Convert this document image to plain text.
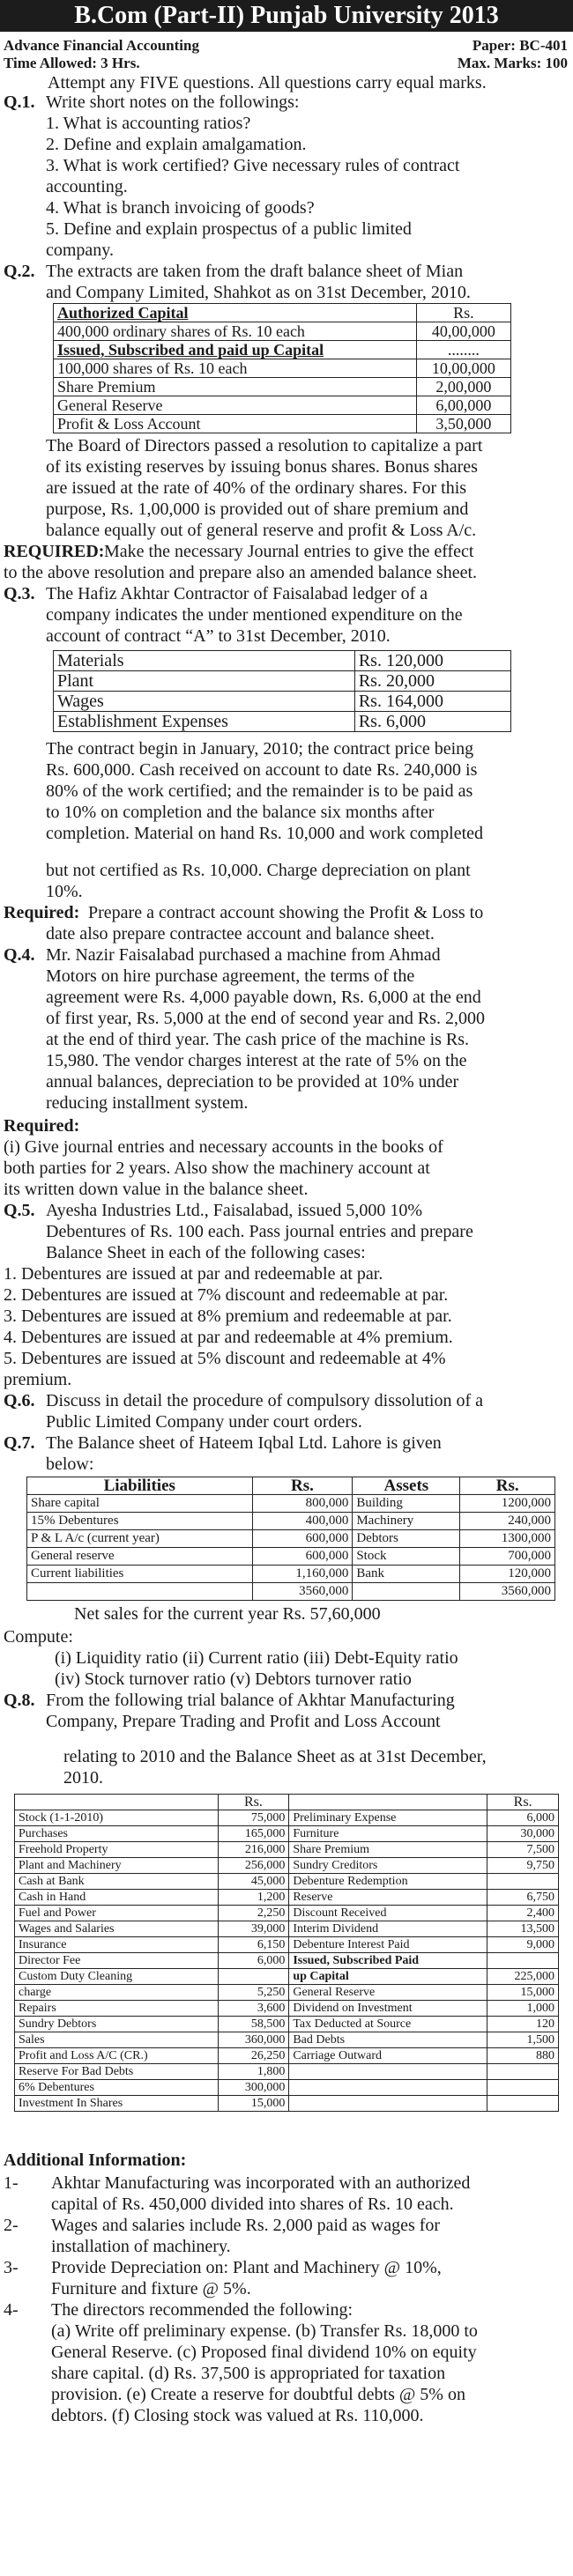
B.Com (Part-II) Punjab University 2013
Advance Financial Accounting	Paper: BC-401
Time Allowed: 3 Hrs.	Max. Marks: 100
Attempt any FIVE questions. All questions carry equal marks.
Q.1. Write short notes on the followings:
1. What is accounting ratios?
2. Define and explain amalgamation.
3. What is work certified? Give necessary rules of contract
accounting.
4. What is branch invoicing of goods?
5. Define and explain prospectus of a public limited
company.
Q.2. The extracts are taken from the draft balance sheet of Mian
and Company Limited, Shahkot as on 31st December, 2010.
Authorized Capital	Rs.
400,000 ordinary shares of Rs. 10 each	40,00,000
Issued, Subscribed and paid up Capital	........
100,000 shares of Rs. 10 each	10,00,000
Share Premium	2,00,000
General Reserve	6,00,000
Profit & Loss Account	3,50,000
The Board of Directors passed a resolution to capitalize a part
of its existing reserves by issuing bonus shares. Bonus shares
are issued at the rate of 40% of the ordinary shares. For this
purpose, Rs. 1,00,000 is provided out of share premium and
balance equally out of general reserve and profit & Loss A/c.
REQUIRED: Make the necessary Journal entries to give the effect
to the above resolution and prepare also an amended balance sheet.
Q.3. The Hafiz Akhtar Contractor of Faisalabad ledger of a
company indicates the under mentioned expenditure on the
account of contract “A” to 31st December, 2010.
Materials	Rs. 120,000
Plant	Rs. 20,000
Wages	Rs. 164,000
Establishment Expenses	Rs. 6,000
The contract begin in January, 2010; the contract price being
Rs. 600,000. Cash received on account to date Rs. 240,000 is
80% of the work certified; and the remainder is to be paid as
to 10% on completion and the balance six months after
completion. Material on hand Rs. 10,000 and work completed
but not certified as Rs. 10,000. Charge depreciation on plant
10%.
Required: Prepare a contract account showing the Profit & Loss to
date also prepare contractee account and balance sheet.
Q.4. Mr. Nazir Faisalabad purchased a machine from Ahmad
Motors on hire purchase agreement, the terms of the
agreement were Rs. 4,000 payable down, Rs. 6,000 at the end
of first year, Rs. 5,000 at the end of second year and Rs. 2,000
at the end of third year. The cash price of the machine is Rs.
15,980. The vendor charges interest at the rate of 5% on the
annual balances, depreciation to be provided at 10% under
reducing installment system.
Required:
(i) Give journal entries and necessary accounts in the books of
both parties for 2 years. Also show the machinery account at
its written down value in the balance sheet.
Q.5. Ayesha Industries Ltd., Faisalabad, issued 5,000 10%
Debentures of Rs. 100 each. Pass journal entries and prepare
Balance Sheet in each of the following cases:
1. Debentures are issued at par and redeemable at par.
2. Debentures are issued at 7% discount and redeemable at par.
3. Debentures are issued at 8% premium and redeemable at par.
4. Debentures are issued at par and redeemable at 4% premium.
5. Debentures are issued at 5% discount and redeemable at 4%
premium.
Q.6. Discuss in detail the procedure of compulsory dissolution of a
Public Limited Company under court orders.
Q.7. The Balance sheet of Hateem Iqbal Ltd. Lahore is given
below:
Liabilities	Rs.	Assets	Rs.
Share capital	800,000	Building	1200,000
15% Debentures	400,000	Machinery	240,000
P & L A/c (current year)	600,000	Debtors	1300,000
General reserve	600,000	Stock	700,000
Current liabilities	1,160,000	Bank	120,000
	3560,000		3560,000
Net sales for the current year Rs. 57,60,000
Compute:
(i) Liquidity ratio (ii) Current ratio (iii) Debt-Equity ratio
(iv) Stock turnover ratio (v) Debtors turnover ratio
Q.8. From the following trial balance of Akhtar Manufacturing
Company, Prepare Trading and Profit and Loss Account
relating to 2010 and the Balance Sheet as at 31st December,
2010.
	Rs.		Rs.
Stock (1-1-2010)	75,000	Preliminary Expense	6,000
Purchases	165,000	Furniture	30,000
Freehold Property	216,000	Share Premium	7,500
Plant and Machinery	256,000	Sundry Creditors	9,750
Cash at Bank	45,000	Debenture Redemption	
Cash in Hand	1,200	Reserve	6,750
Fuel and Power	2,250	Discount Received	2,400
Wages and Salaries	39,000	Interim Dividend	13,500
Insurance	6,150	Debenture Interest Paid	9,000
Director Fee	6,000	Issued, Subscribed Paid	
Custom Duty Cleaning		up Capital	225,000
charge	5,250	General Reserve	15,000
Repairs	3,600	Dividend on Investment	1,000
Sundry Debtors	58,500	Tax Deducted at Source	120
Sales	360,000	Bad Debts	1,500
Profit and Loss A/C (CR.)	26,250	Carriage Outward	880
Reserve For Bad Debts	1,800		
6% Debentures	300,000		
Investment In Shares	15,000		
Additional Information:
1- Akhtar Manufacturing was incorporated with an authorized
capital of Rs. 450,000 divided into shares of Rs. 10 each.
2- Wages and salaries include Rs. 2,000 paid as wages for
installation of machinery.
3- Provide Depreciation on: Plant and Machinery @ 10%,
Furniture and fixture @ 5%.
4- The directors recommended the following:
(a) Write off preliminary expense. (b) Transfer Rs. 18,000 to
General Reserve. (c) Proposed final dividend 10% on equity
share capital. (d) Rs. 37,500 is appropriated for taxation
provision. (e) Create a reserve for doubtful debts @ 5% on
debtors. (f) Closing stock was valued at Rs. 110,000.
